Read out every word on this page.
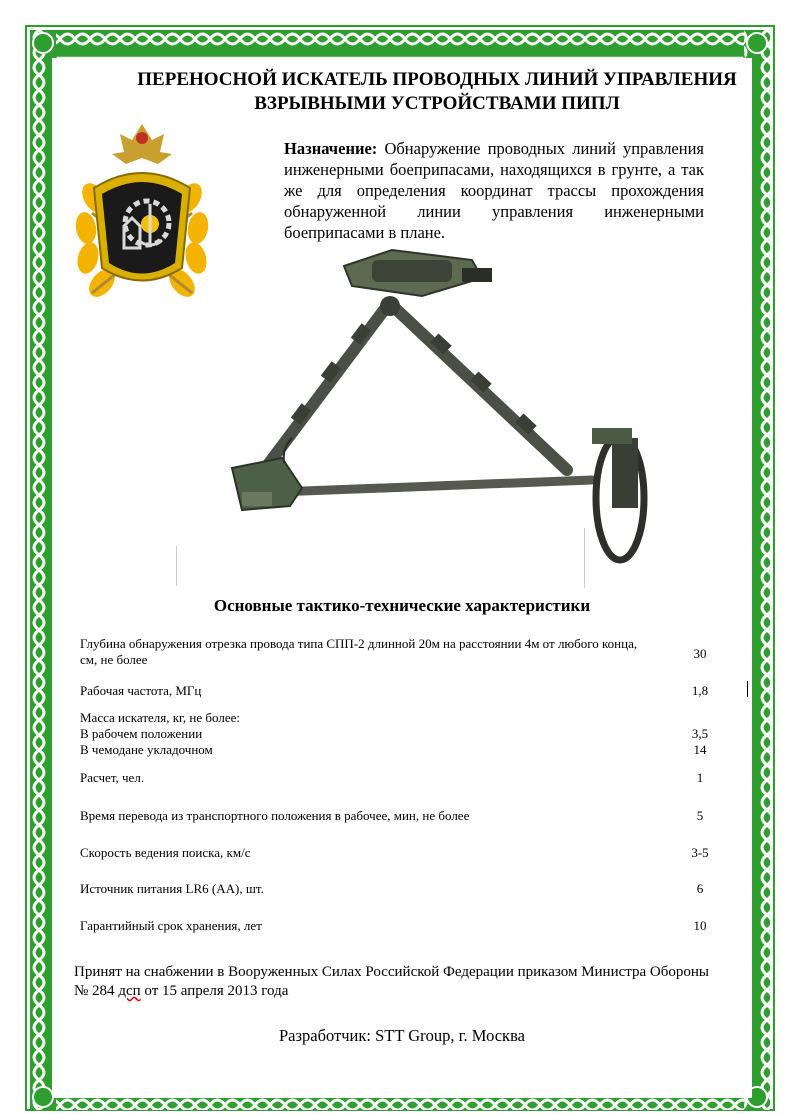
ПЕРЕНОСНОЙ ИСКАТЕЛЬ ПРОВОДНЫХ ЛИНИЙ УПРАВЛЕНИЯ
ВЗРЫВНЫМИ УСТРОЙСТВАМИ ПИПЛ
Назначение: Обнаружение проводных линий управления инженерными боеприпасами, находящихся в грунте, а так же для определения координат трассы прохождения обнаруженной линии управления инженерными боеприпасами в плане.
Основные тактико-технические характеристики
Глубина обнаружения отрезка провода типа СПП-2 длинной 20м на расстоянии 4м от любого конца, см, не более	30
Рабочая частота, МГц	1,8
Масса искателя, кг, не более:
В рабочем положении	3,5
В чемодане укладочном	14
Расчет, чел.	1
Время перевода из транспортного положения в рабочее, мин, не более	5
Скорость ведения поиска, км/с	3-5
Источник питания LR6 (AA), шт.	6
Гарантийный срок хранения, лет	10
Принят на снабжении в Вооруженных Силах Российской Федерации приказом Министра Обороны № 284 дсп от 15 апреля 2013 года
Разработчик: STT Group, г. Москва
